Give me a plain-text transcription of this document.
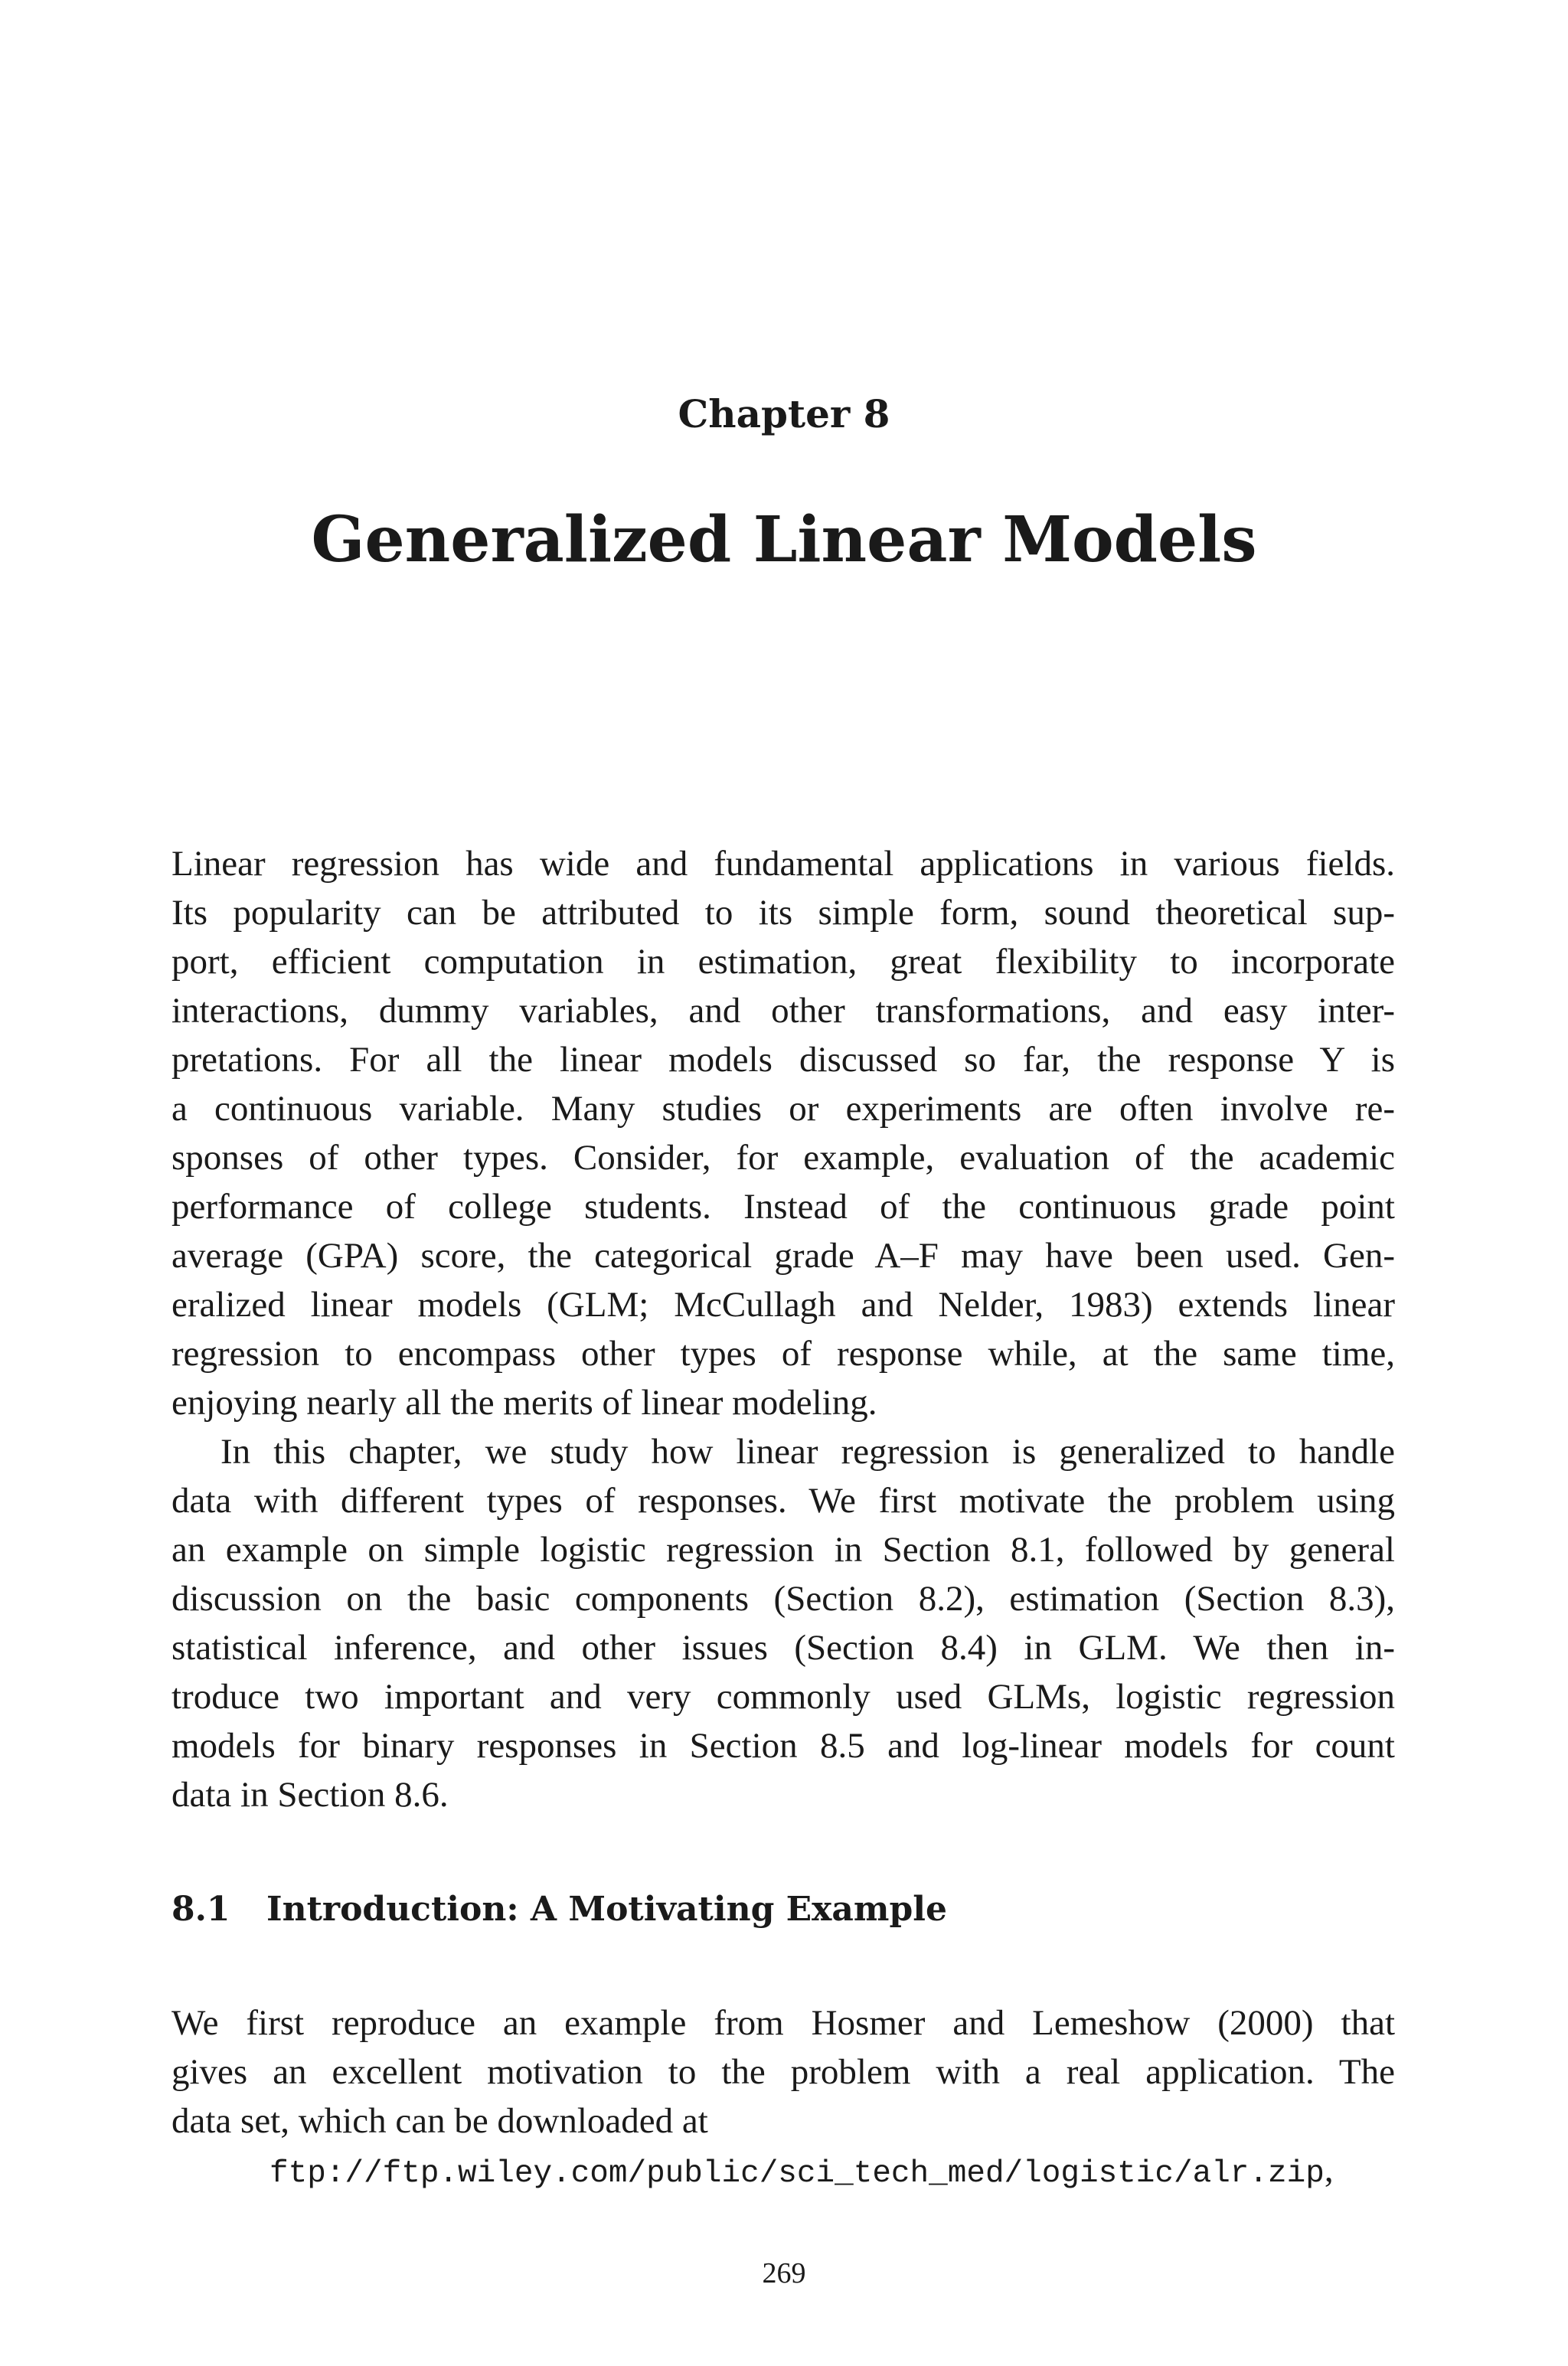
Chapter 8
Generalized Linear Models
Linear regression has wide and fundamental applications in various fields.
Its popularity can be attributed to its simple form, sound theoretical sup-
port, efficient computation in estimation, great flexibility to incorporate
interactions, dummy variables, and other transformations, and easy inter-
pretations. For all the linear models discussed so far, the response Y is
a continuous variable. Many studies or experiments are often involve re-
sponses of other types. Consider, for example, evaluation of the academic
performance of college students. Instead of the continuous grade point
average (GPA) score, the categorical grade A–F may have been used. Gen-
eralized linear models (GLM; McCullagh and Nelder, 1983) extends linear
regression to encompass other types of response while, at the same time,
enjoying nearly all the merits of linear modeling.
In this chapter, we study how linear regression is generalized to handle
data with different types of responses. We first motivate the problem using
an example on simple logistic regression in Section 8.1, followed by general
discussion on the basic components (Section 8.2), estimation (Section 8.3),
statistical inference, and other issues (Section 8.4) in GLM. We then in-
troduce two important and very commonly used GLMs, logistic regression
models for binary responses in Section 8.5 and log-linear models for count
data in Section 8.6.
8.1 Introduction: A Motivating Example
We first reproduce an example from Hosmer and Lemeshow (2000) that
gives an excellent motivation to the problem with a real application. The
data set, which can be downloaded at
ftp://ftp.wiley.com/public/sci_tech_med/logistic/alr.zip,
269
